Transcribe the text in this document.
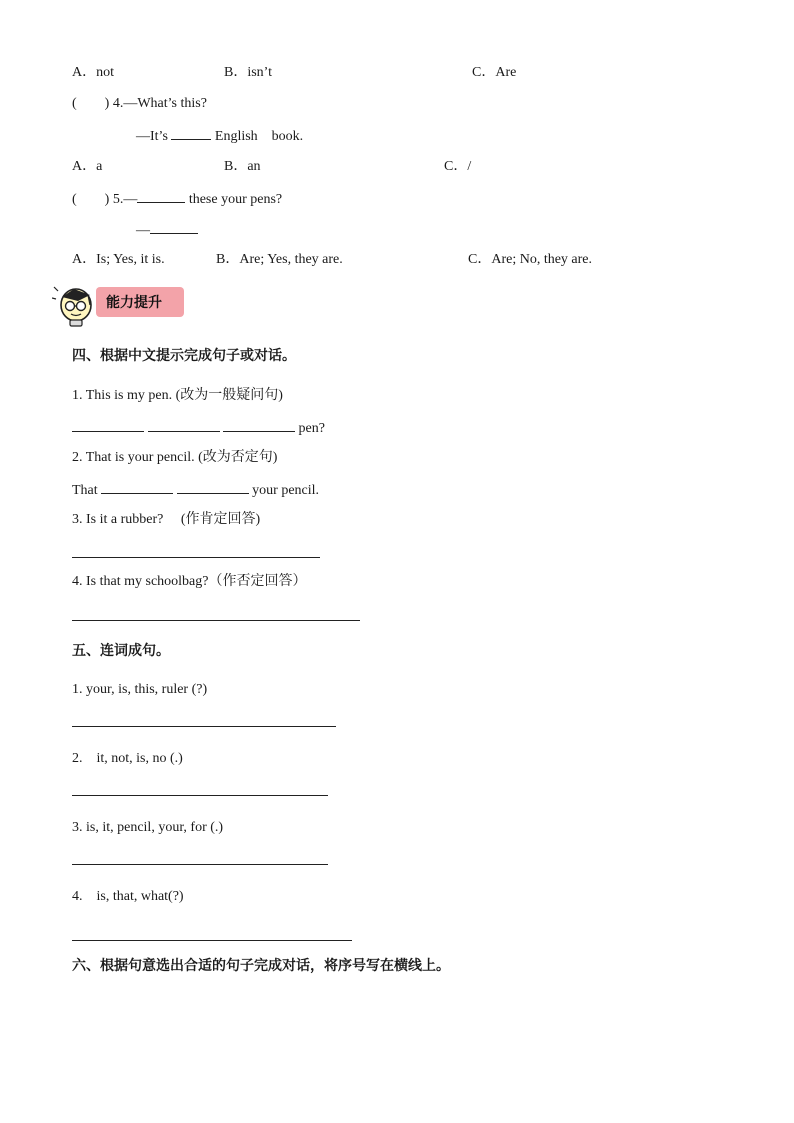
A．not	B．isn’t	C．Are
(　　) 4.—What’s this?
—It’s	English　book.
A．a	B．an	C．/
(　　) 5.—	these your pens?
—
A．Is; Yes, it is.	B．Are; Yes, they are.	C．Are; No, they are.
能力提升
四、根据中文提示完成句子或对话。
1. This is my pen. (改为一般疑问句)
pen?
2. That is your pencil. (改为否定句)
That	your pencil.
3. Is it a rubber?　 (作肯定回答)
4. Is that my schoolbag?（作否定回答）
五、连词成句。
1. your, is, this, ruler (?)
2.　it, not, is, no (.)
3. is, it, pencil, your, for (.)
4.　is, that, what(?)
六、根据句意选出合适的句子完成对话，将序号写在横线上。
